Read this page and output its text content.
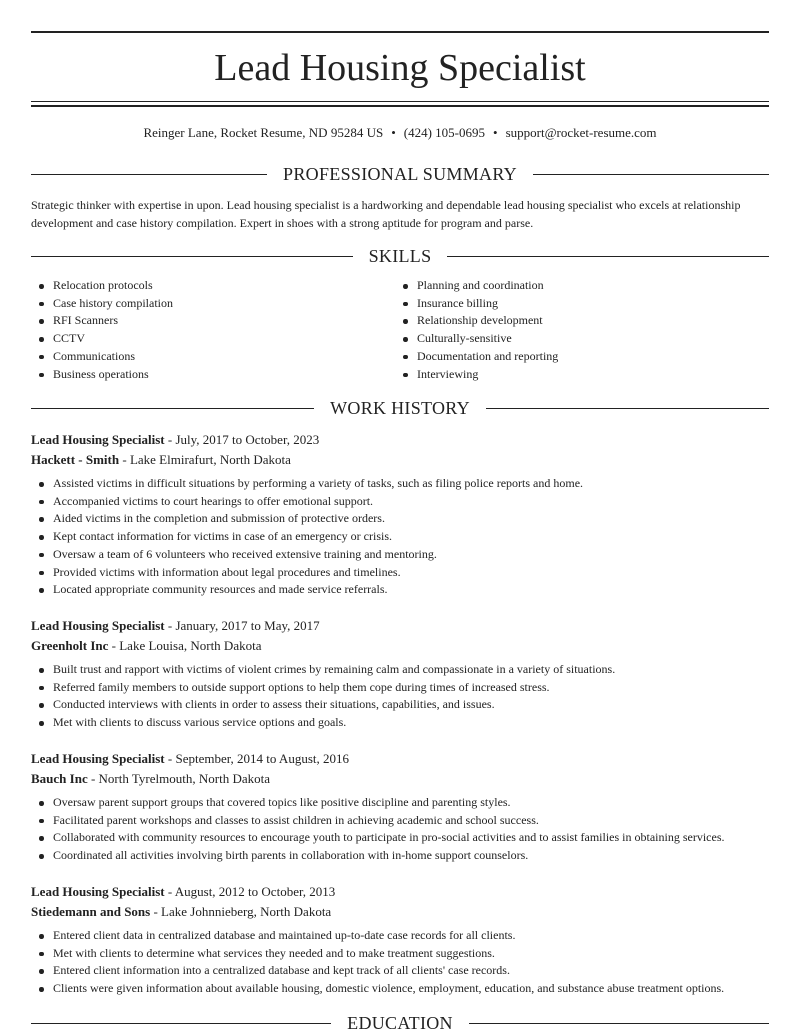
Lead Housing Specialist
Reinger Lane, Rocket Resume, ND 95284 US • (424) 105-0695 • support@rocket-resume.com
PROFESSIONAL SUMMARY

Strategic thinker with expertise in upon. Lead housing specialist is a hardworking and dependable lead housing specialist who excels at relationship development and case history compilation. Expert in shoes with a strong aptitude for program and parse.

SKILLS
Relocation protocols
Case history compilation
RFI Scanners
CCTV
Communications
Business operations
Planning and coordination
Insurance billing
Relationship development
Culturally-sensitive
Documentation and reporting
Interviewing
WORK HISTORY
Lead Housing Specialist - July, 2017 to October, 2023
Hackett - Smith - Lake Elmirafurt, North Dakota
Assisted victims in difficult situations by performing a variety of tasks, such as filing police reports and home.
Accompanied victims to court hearings to offer emotional support.
Aided victims in the completion and submission of protective orders.
Kept contact information for victims in case of an emergency or crisis.
Oversaw a team of 6 volunteers who received extensive training and mentoring.
Provided victims with information about legal procedures and timelines.
Located appropriate community resources and made service referrals.
Lead Housing Specialist - January, 2017 to May, 2017
Greenholt Inc - Lake Louisa, North Dakota
Built trust and rapport with victims of violent crimes by remaining calm and compassionate in a variety of situations.
Referred family members to outside support options to help them cope during times of increased stress.
Conducted interviews with clients in order to assess their situations, capabilities, and issues.
Met with clients to discuss various service options and goals.
Lead Housing Specialist - September, 2014 to August, 2016
Bauch Inc - North Tyrelmouth, North Dakota
Oversaw parent support groups that covered topics like positive discipline and parenting styles.
Facilitated parent workshops and classes to assist children in achieving academic and school success.
Collaborated with community resources to encourage youth to participate in pro-social activities and to assist families in obtaining services.
Coordinated all activities involving birth parents in collaboration with in-home support counselors.
Lead Housing Specialist - August, 2012 to October, 2013
Stiedemann and Sons - Lake Johnnieberg, North Dakota
Entered client data in centralized database and maintained up-to-date case records for all clients.
Met with clients to determine what services they needed and to make treatment suggestions.
Entered client information into a centralized database and kept track of all clients' case records.
Clients were given information about available housing, domestic violence, employment, education, and substance abuse treatment options.
EDUCATION
